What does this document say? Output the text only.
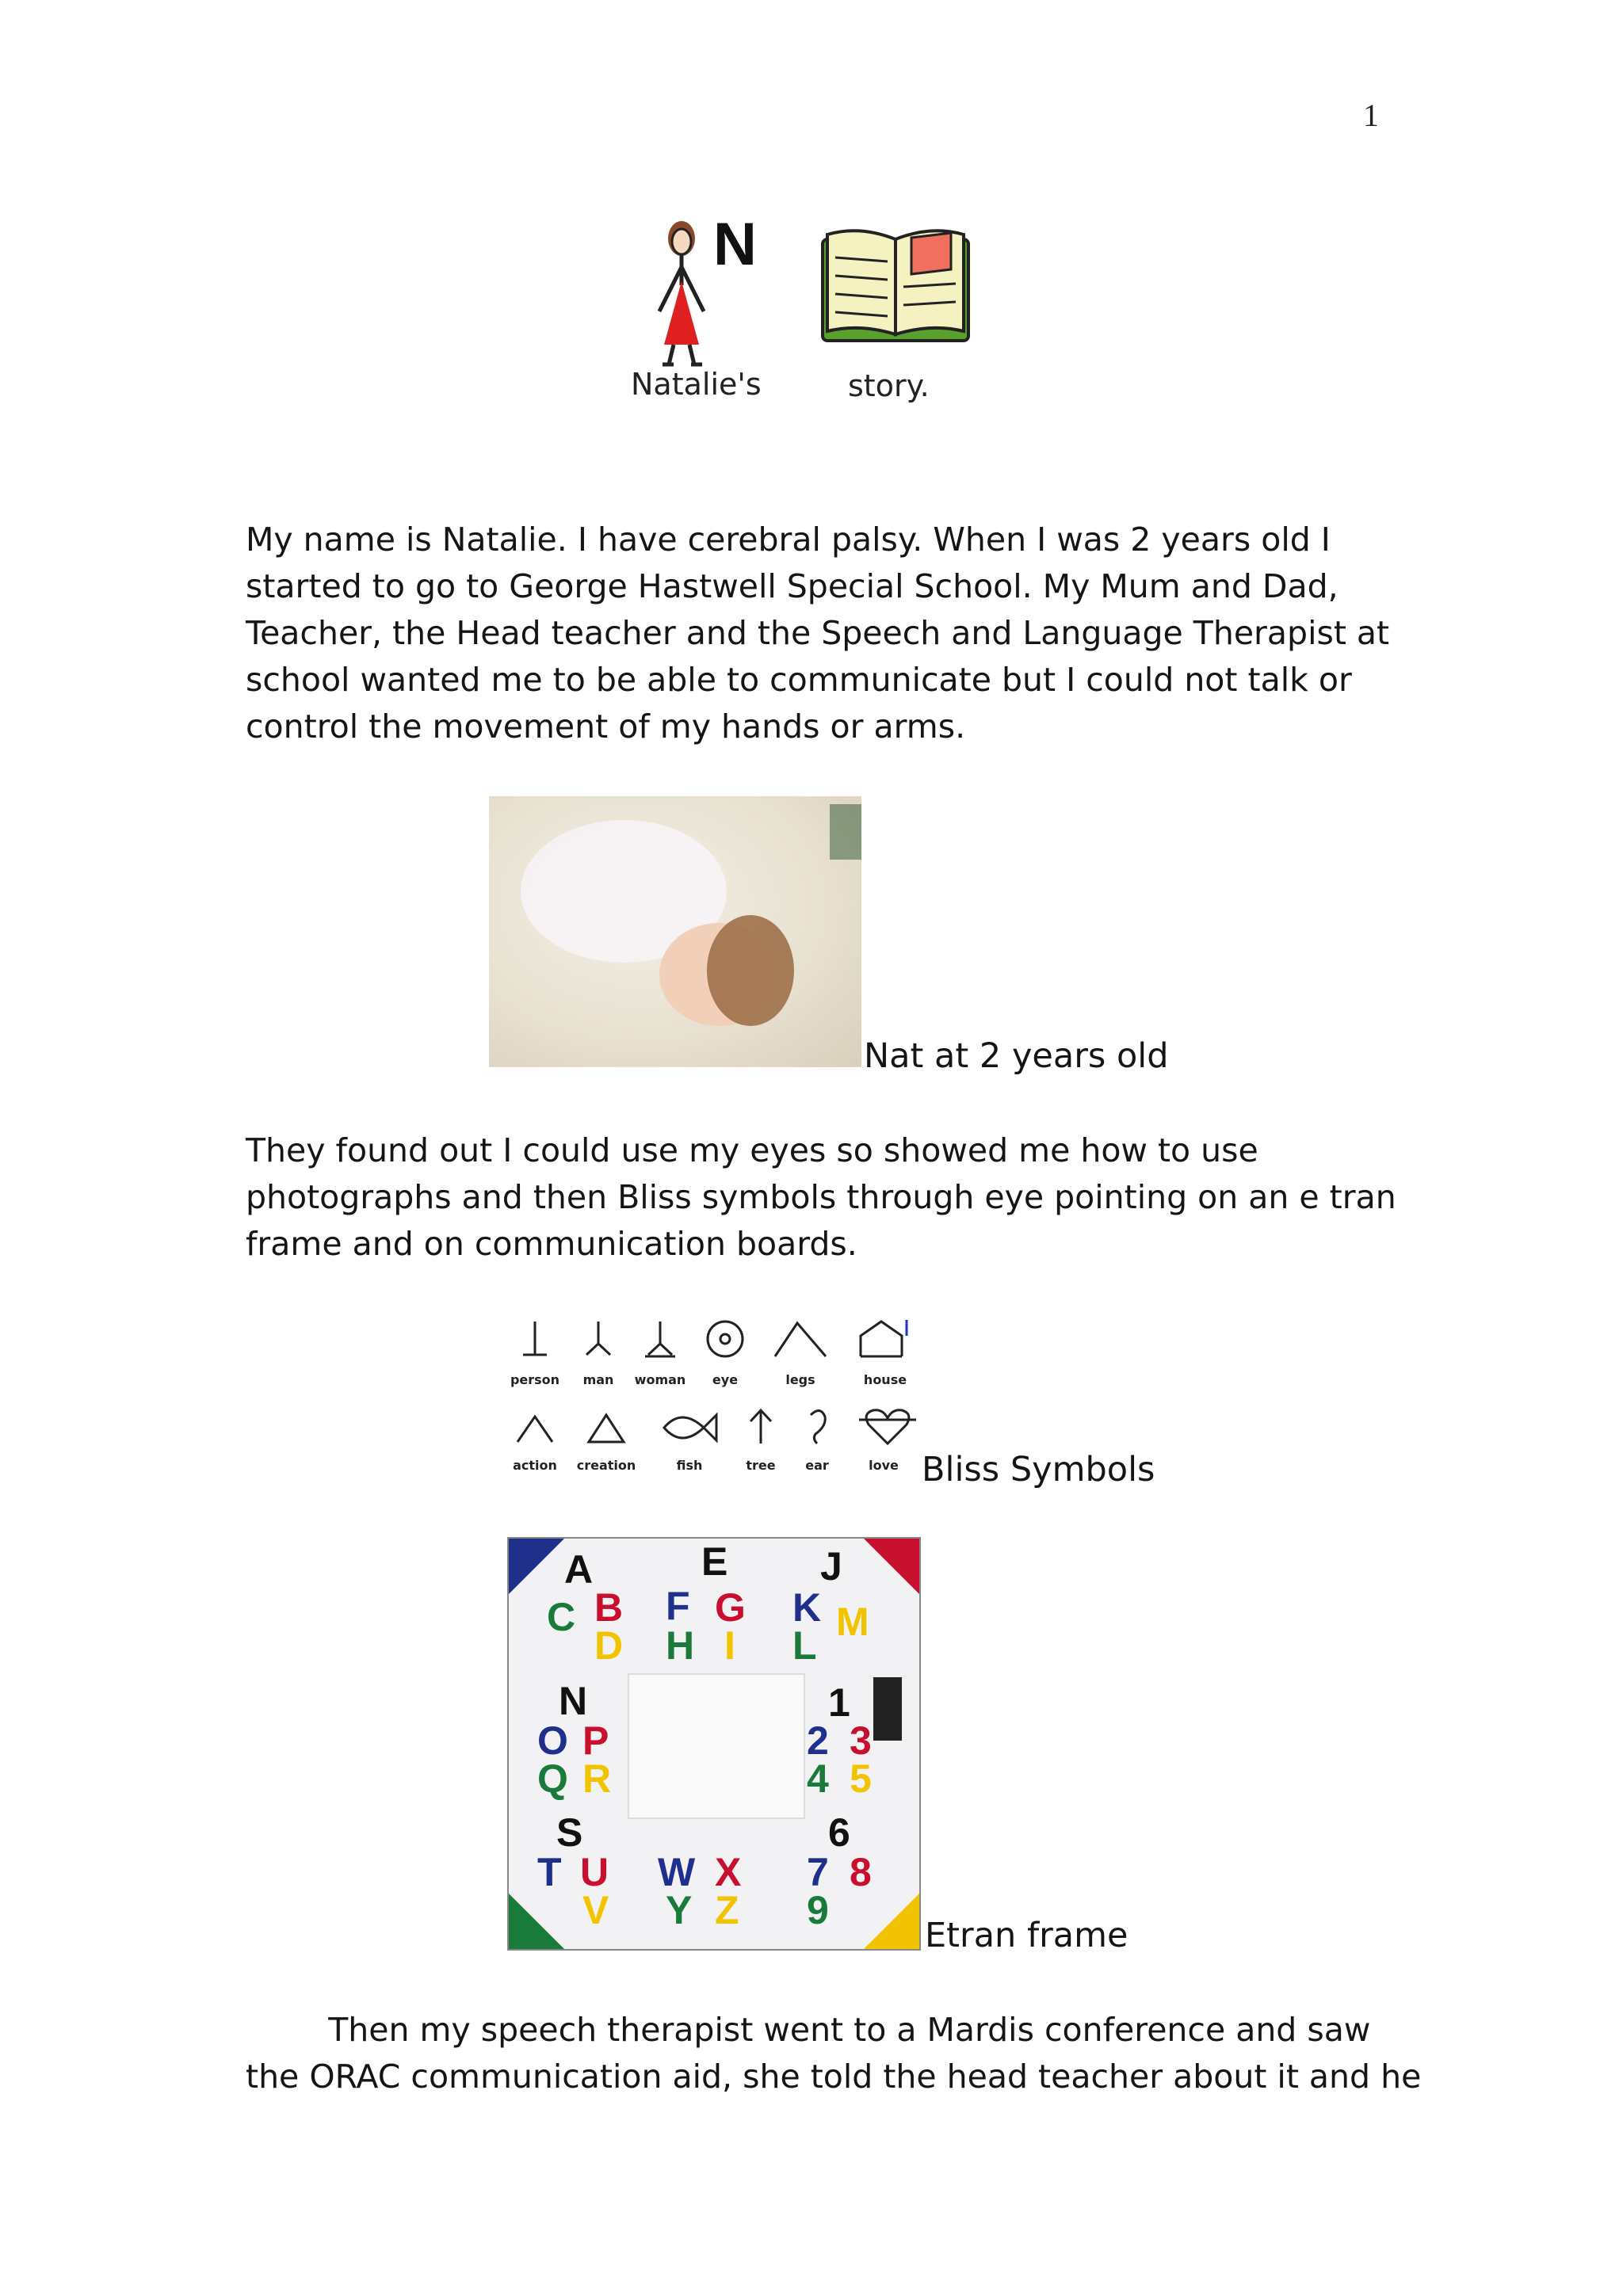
1
N
Natalie's	story.
My name is Natalie. I have cerebral palsy. When I was 2 years old I
started to go to George Hastwell Special School. My Mum and Dad,
Teacher, the Head teacher and the Speech and Language Therapist at
school wanted me to be able to communicate but I could not talk or
control the movement of my hands or arms.
Nat at 2 years old
They found out I could use my eyes so showed me how to use
photographs and then Bliss symbols through eye pointing on an e tran
frame and on communication boards.
person	man	woman	eye	legs	house
action	creation	fish	tree	ear	love Bliss Symbols
A
B
C
D
E
F G
H I
J
K
L
M
N
O P
Q R
S
T U
V
W X
Y Z
1
2 3
4 5
6
7 8
9
Etran frame
Then my speech therapist went to a Mardis conference and saw
the ORAC communication aid, she told the head teacher about it and he
